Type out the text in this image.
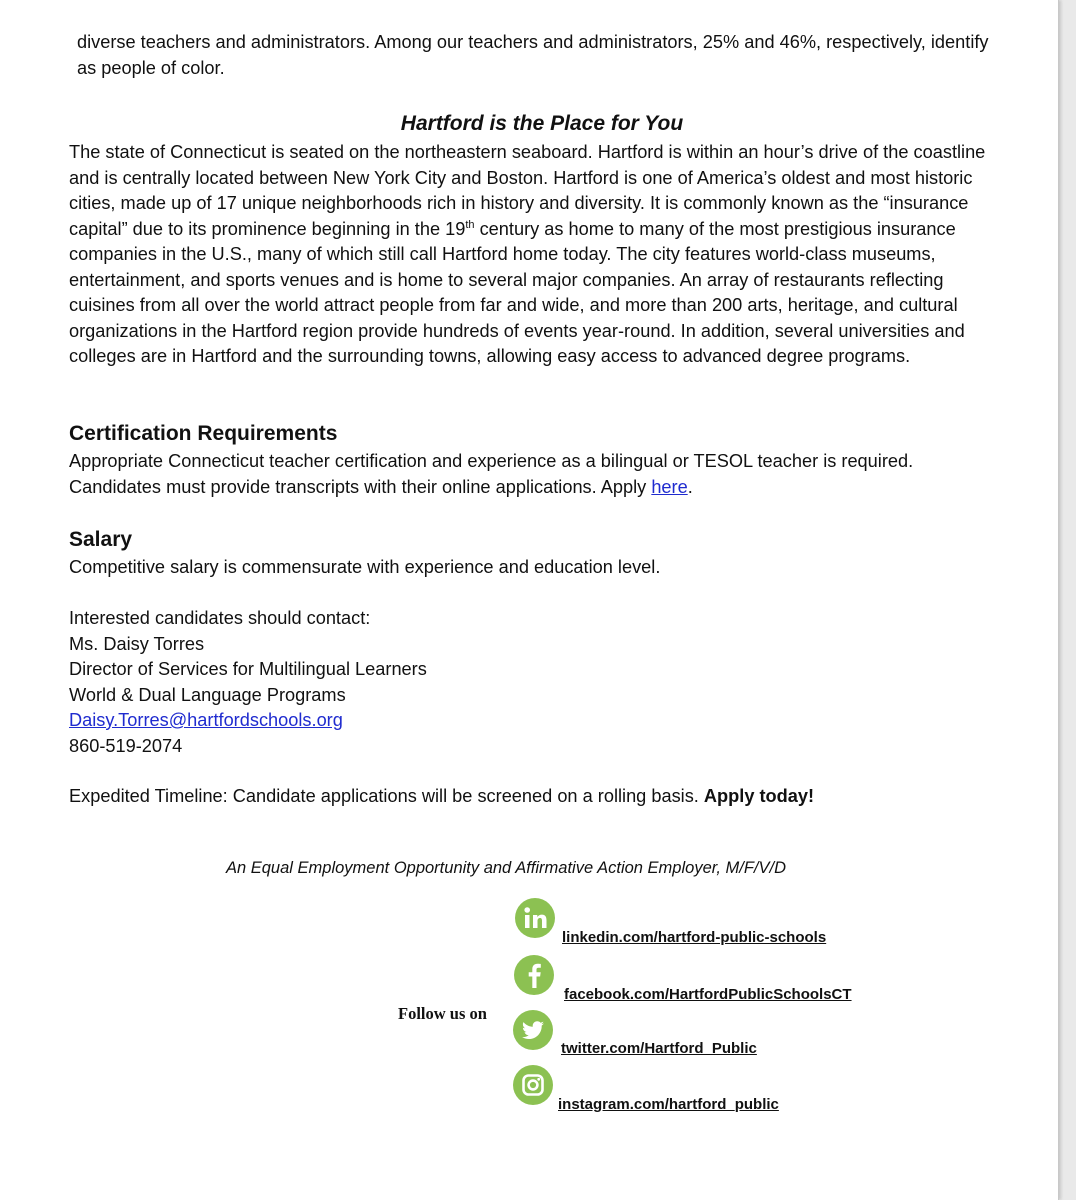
diverse teachers and administrators. Among our teachers and administrators, 25% and 46%, respectively, identify as people of color.

Hartford is the Place for You

The state of Connecticut is seated on the northeastern seaboard. Hartford is within an hour’s drive of the coastline and is centrally located between New York City and Boston. Hartford is one of America’s oldest and most historic cities, made up of 17 unique neighborhoods rich in history and diversity. It is commonly known as the “insurance capital” due to its prominence beginning in the 19th century as home to many of the most prestigious insurance companies in the U.S., many of which still call Hartford home today. The city features world-class museums, entertainment, and sports venues and is home to several major companies. An array of restaurants reflecting cuisines from all over the world attract people from far and wide, and more than 200 arts, heritage, and cultural organizations in the Hartford region provide hundreds of events year-round. In addition, several universities and colleges are in Hartford and the surrounding towns, allowing easy access to advanced degree programs.

Certification Requirements

Appropriate Connecticut teacher certification and experience as a bilingual or TESOL teacher is required. Candidates must provide transcripts with their online applications. Apply here.

Salary

Competitive salary is commensurate with experience and education level.

Interested candidates should contact:
Ms. Daisy Torres
Director of Services for Multilingual Learners
World & Dual Language Programs
Daisy.Torres@hartfordschools.org
860-519-2074

Expedited Timeline: Candidate applications will be screened on a rolling basis. Apply today!

An Equal Employment Opportunity and Affirmative Action Employer, M/F/V/D

Follow us on

linkedin.com/hartford-public-schools
facebook.com/HartfordPublicSchoolsCT
twitter.com/Hartford_Public
instagram.com/hartford_public
